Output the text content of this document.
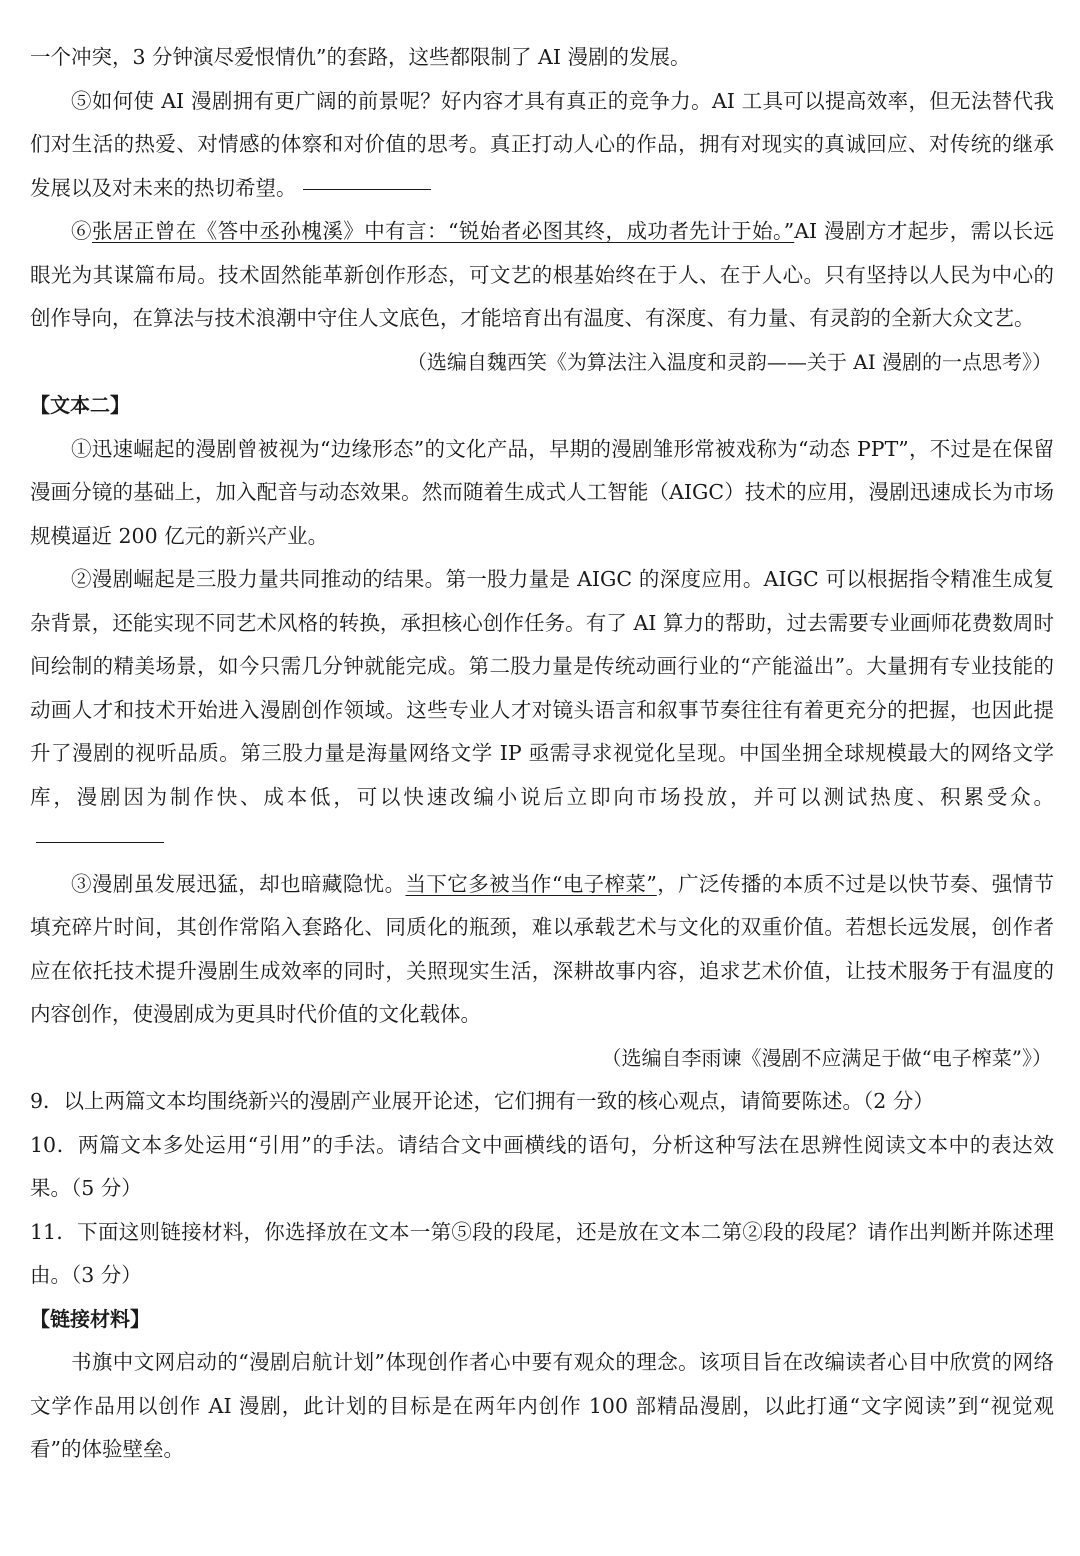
一个冲突，3 分钟演尽爱恨情仇”的套路，这些都限制了 AI 漫剧的发展。

⑤如何使 AI 漫剧拥有更广阔的前景呢？好内容才具有真正的竞争力。AI 工具可以提高效率，但无法替代我们对生活的热爱、对情感的体察和对价值的思考。真正打动人心的作品，拥有对现实的真诚回应、对传统的继承发展以及对未来的热切希望。

⑥张居正曾在《答中丞孙槐溪》中有言：“锐始者必图其终，成功者先计于始。”AI 漫剧方才起步，需以长远眼光为其谋篇布局。技术固然能革新创作形态，可文艺的根基始终在于人、在于人心。只有坚持以人民为中心的创作导向，在算法与技术浪潮中守住人文底色，才能培育出有温度、有深度、有力量、有灵韵的全新大众文艺。

（选编自魏西笑《为算法注入温度和灵韵——关于 AI 漫剧的一点思考》）

【文本二】

①迅速崛起的漫剧曾被视为“边缘形态”的文化产品，早期的漫剧雏形常被戏称为“动态 PPT”，不过是在保留漫画分镜的基础上，加入配音与动态效果。然而随着生成式人工智能（AIGC）技术的应用，漫剧迅速成长为市场规模逼近 200 亿元的新兴产业。

②漫剧崛起是三股力量共同推动的结果。第一股力量是 AIGC 的深度应用。AIGC 可以根据指令精准生成复杂背景，还能实现不同艺术风格的转换，承担核心创作任务。有了 AI 算力的帮助，过去需要专业画师花费数周时间绘制的精美场景，如今只需几分钟就能完成。第二股力量是传统动画行业的“产能溢出”。大量拥有专业技能的动画人才和技术开始进入漫剧创作领域。这些专业人才对镜头语言和叙事节奏往往有着更充分的把握，也因此提升了漫剧的视听品质。第三股力量是海量网络文学 IP 亟需寻求视觉化呈现。中国坐拥全球规模最大的网络文学库，漫剧因为制作快、成本低，可以快速改编小说后立即向市场投放，并可以测试热度、积累受众。

③漫剧虽发展迅猛，却也暗藏隐忧。当下它多被当作“电子榨菜”，广泛传播的本质不过是以快节奏、强情节填充碎片时间，其创作常陷入套路化、同质化的瓶颈，难以承载艺术与文化的双重价值。若想长远发展，创作者应在依托技术提升漫剧生成效率的同时，关照现实生活，深耕故事内容，追求艺术价值，让技术服务于有温度的内容创作，使漫剧成为更具时代价值的文化载体。

（选编自李雨谏《漫剧不应满足于做“电子榨菜”》）

9．以上两篇文本均围绕新兴的漫剧产业展开论述，它们拥有一致的核心观点，请简要陈述。（2 分）

10．两篇文本多处运用“引用”的手法。请结合文中画横线的语句，分析这种写法在思辨性阅读文本中的表达效果。（5 分）

11．下面这则链接材料，你选择放在文本一第⑤段的段尾，还是放在文本二第②段的段尾？请作出判断并陈述理由。（3 分）

【链接材料】

书旗中文网启动的“漫剧启航计划”体现创作者心中要有观众的理念。该项目旨在改编读者心目中欣赏的网络文学作品用以创作 AI 漫剧，此计划的目标是在两年内创作 100 部精品漫剧，以此打通“文字阅读”到“视觉观看”的体验壁垒。
